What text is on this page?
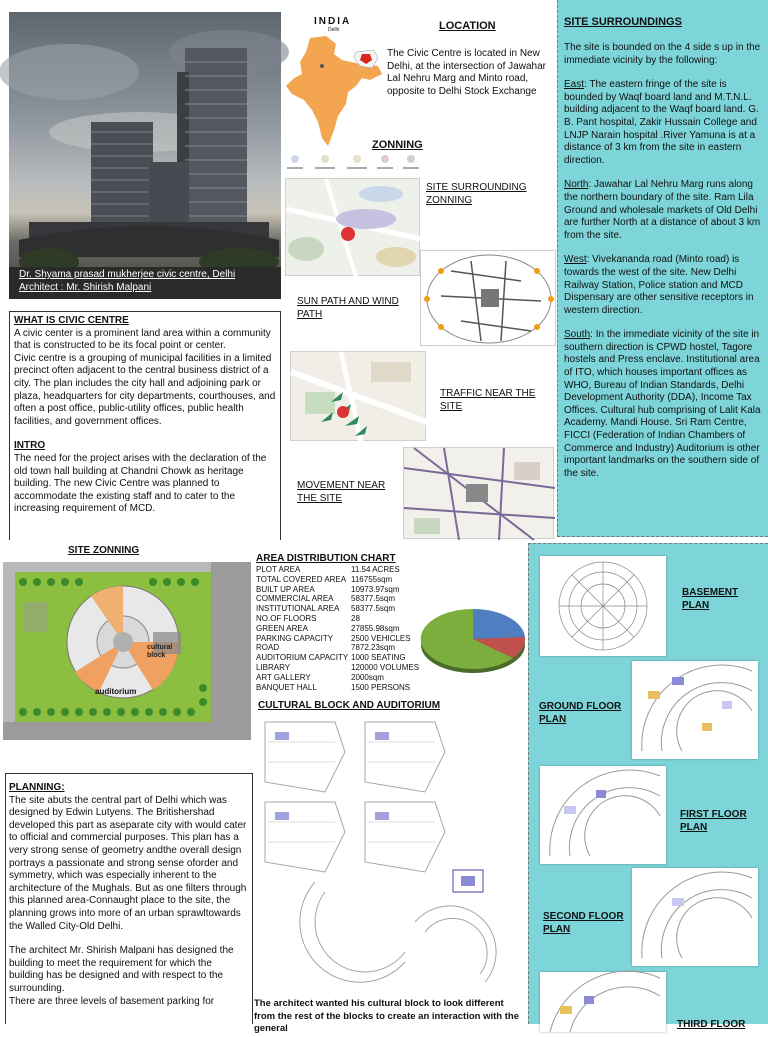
Dr. Shyama prasad mukherjee civic centre, Delhi
Architect : Mr. Shirish Malpani
INDIA
Delhi	LOCATION
The Civic Centre is located in New Delhi, at the intersection of Jawahar Lal Nehru Marg and Minto road, opposite to Delhi Stock Exchange
ZONNING
SITE SURROUNDING ZONNING
SUN PATH AND WIND PATH
TRAFFIC NEAR THE SITE
MOVEMENT NEAR THE SITE
SITE SURROUNDINGS
The site is bounded on the 4 side s up in the immediate vicinity by the following:
East: The eastern fringe of the site is bounded by Waqf board land and M.T.N.L. building adjacent to the Waqf board land. G. B. Pant hospital, Zakir Hussain College and LNJP Narain hospital .River Yamuna is at a distance of 3 km from the site in eastern direction.
North: Jawahar Lal Nehru Marg runs along the northern boundary of the site. Ram Lila Ground and wholesale markets of Old Delhi are further North at a distance of about 3 km from the site.
West: Vivekananda road (Minto road) is towards the west of the site. New Delhi Railway Station, Police station and MCD Dispensary are other sensitive receptors in western direction.
South: In the immediate vicinity of the site in southern direction is CPWD hostel, Tagore hostels and Press enclave. Institutional area of ITO, which houses important offices as WHO, Bureau of Indian Standards, Delhi Development Authority (DDA), Income Tax Offices. Cultural hub comprising of Lalit Kala Academy. Mandi House. Sri Ram Centre, FICCI (Federation of Indian Chambers of Commerce and Industry) Auditorium is other important landmarks on the southern side of the site.
WHAT IS CIVIC CENTRE
A civic center is a prominent land area within a community that is constructed to be its focal point or center.
Civic centre is a grouping of municipal facilities in a limited precinct often adjacent to the central business district of a city. The plan includes the city hall and adjoining park or plaza, headquarters for city departments, courthouses, and often a post office, public-utility offices, public health facilities, and government offices.
INTRO
The need for the project arises with the declaration of the old town hall building at Chandni Chowk as heritage building. The new Civic Centre was planned to accommodate the existing staff and to cater to the increasing requirement of MCD.
SITE ZONNING
cultural block
auditorium
AREA DISTRIBUTION CHART
PLOT AREA	11.54 ACRES
TOTAL COVERED AREA 116755sqm
BUILT UP AREA	10973.97sqm
COMMERCIAL AREA	58377.5sqm
INSTITUTIONAL AREA	58377.5sqm
NO.OF FLOORS	28
GREEN AREA	27855.98sqm
PARKING CAPACITY	2500 VEHICLES
ROAD	7872.23sqm
AUDITORIUM CAPACITY 1000 SEATING
LIBRARY	120000 VOLUMES
ART GALLERY	2000sqm
BANQUET HALL	1500 PERSONS
CULTURAL BLOCK AND AUDITORIUM
The architect wanted his cultural block to look different from the rest of the blocks to create an interaction with the general
PLANNING:
The site abuts the central part of Delhi which was designed by Edwin Lutyens. The Britishershad developed this part as aseparate city with would cater to official and commercial purposes. This plan has a very strong sense of geometry andthe overall design portrays a passionate and strong sense oforder and symmetry, which was especially inherent to the architecture of the Mughals. But as one filters through this planned area-Connaught place to the site, the planning grows into more of an urban sprawltowards the Walled City-Old Delhi.
The architect Mr. Shirish Malpani has designed the building to meet the requirement for which the building has be designed and with respect to the surrounding.
There are three levels of basement parking for
BASEMENT PLAN
GROUND FLOOR PLAN
FIRST FLOOR PLAN
SECOND FLOOR PLAN
THIRD FLOOR
